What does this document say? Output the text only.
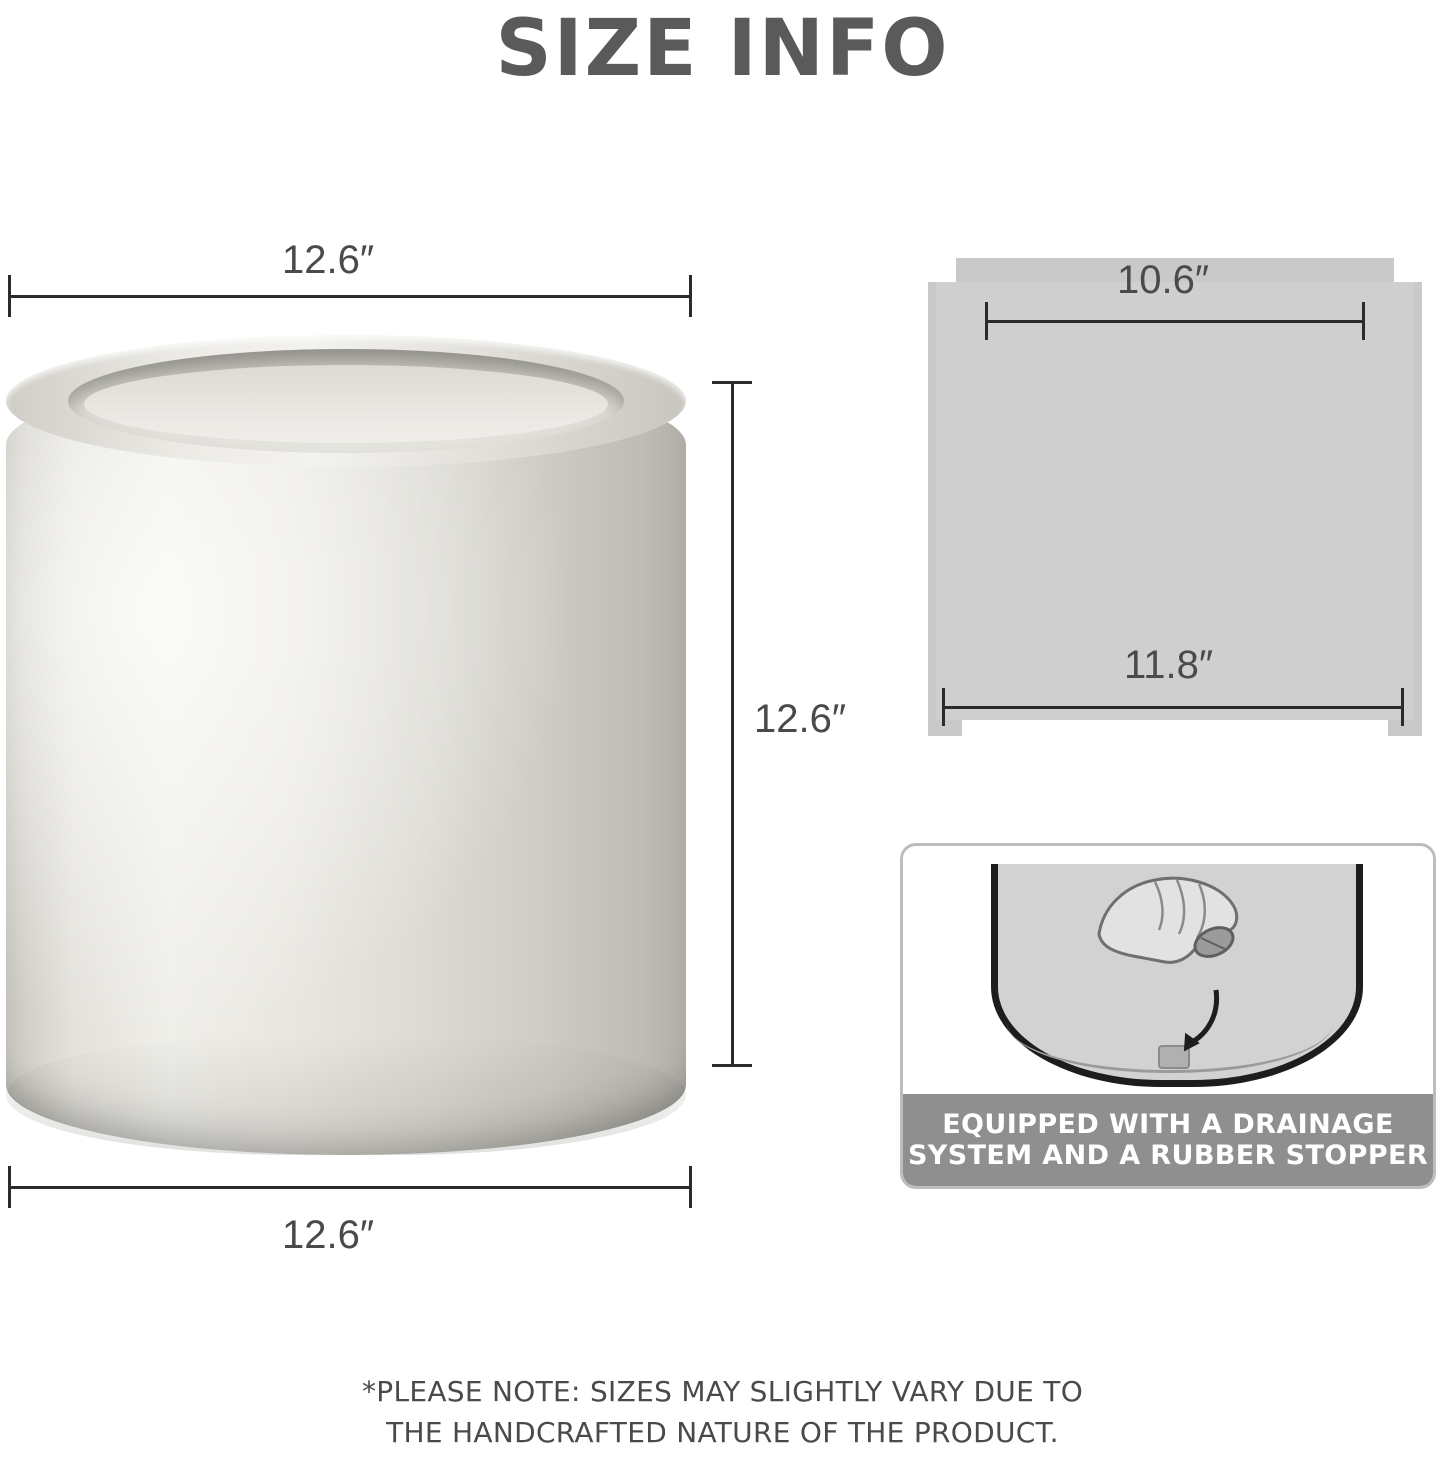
SIZE INFO
12.6″
12.6″
12.6″
10.6″
11.8″
EQUIPPED WITH A DRAINAGE
SYSTEM AND A RUBBER STOPPER
*PLEASE NOTE: SIZES MAY SLIGHTLY VARY DUE TO
THE HANDCRAFTED NATURE OF THE PRODUCT.
